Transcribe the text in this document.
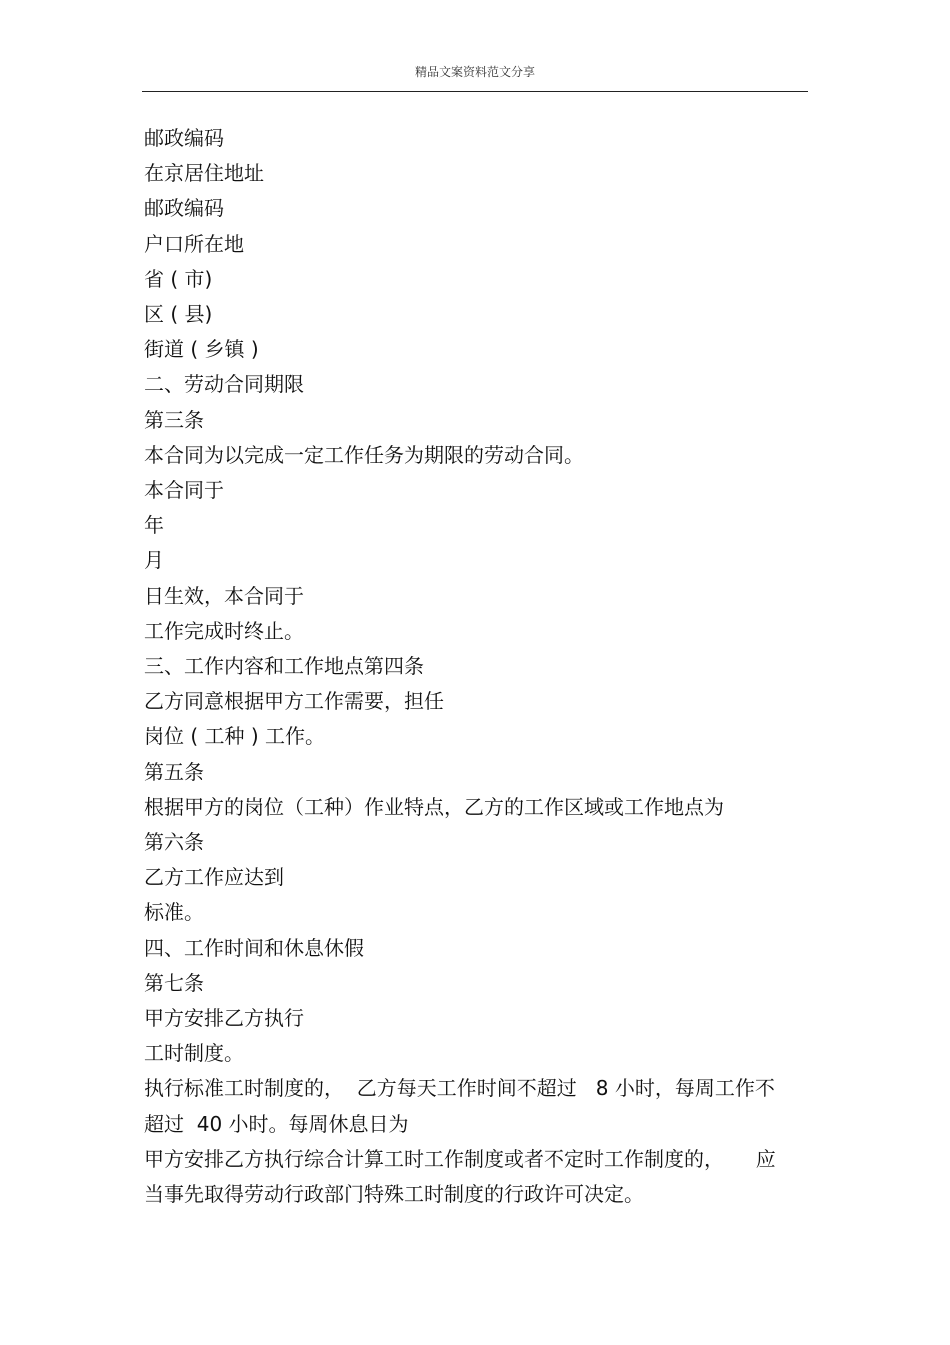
精品文案资料范文分享

邮政编码

在京居住地址

邮政编码

户口所在地

省 ( 市)

区 ( 县)

街道 ( 乡镇 )

二、劳动合同期限

第三条

本合同为以完成一定工作任务为期限的劳动合同。

本合同于

年

月

日生效，本合同于

工作完成时终止。

三、工作内容和工作地点第四条

乙方同意根据甲方工作需要，担任

岗位 ( 工种 ) 工作。

第五条

根据甲方的岗位（工种）作业特点，乙方的工作区域或工作地点为

第六条

乙方工作应达到

标准。

四、工作时间和休息休假

第七条

甲方安排乙方执行

工时制度。

执行标准工时制度的，  乙方每天工作时间不超过   8 小时，每周工作不

超过  40 小时。每周休息日为

甲方安排乙方执行综合计算工时工作制度或者不定时工作制度的，     应

当事先取得劳动行政部门特殊工时制度的行政许可决定。
